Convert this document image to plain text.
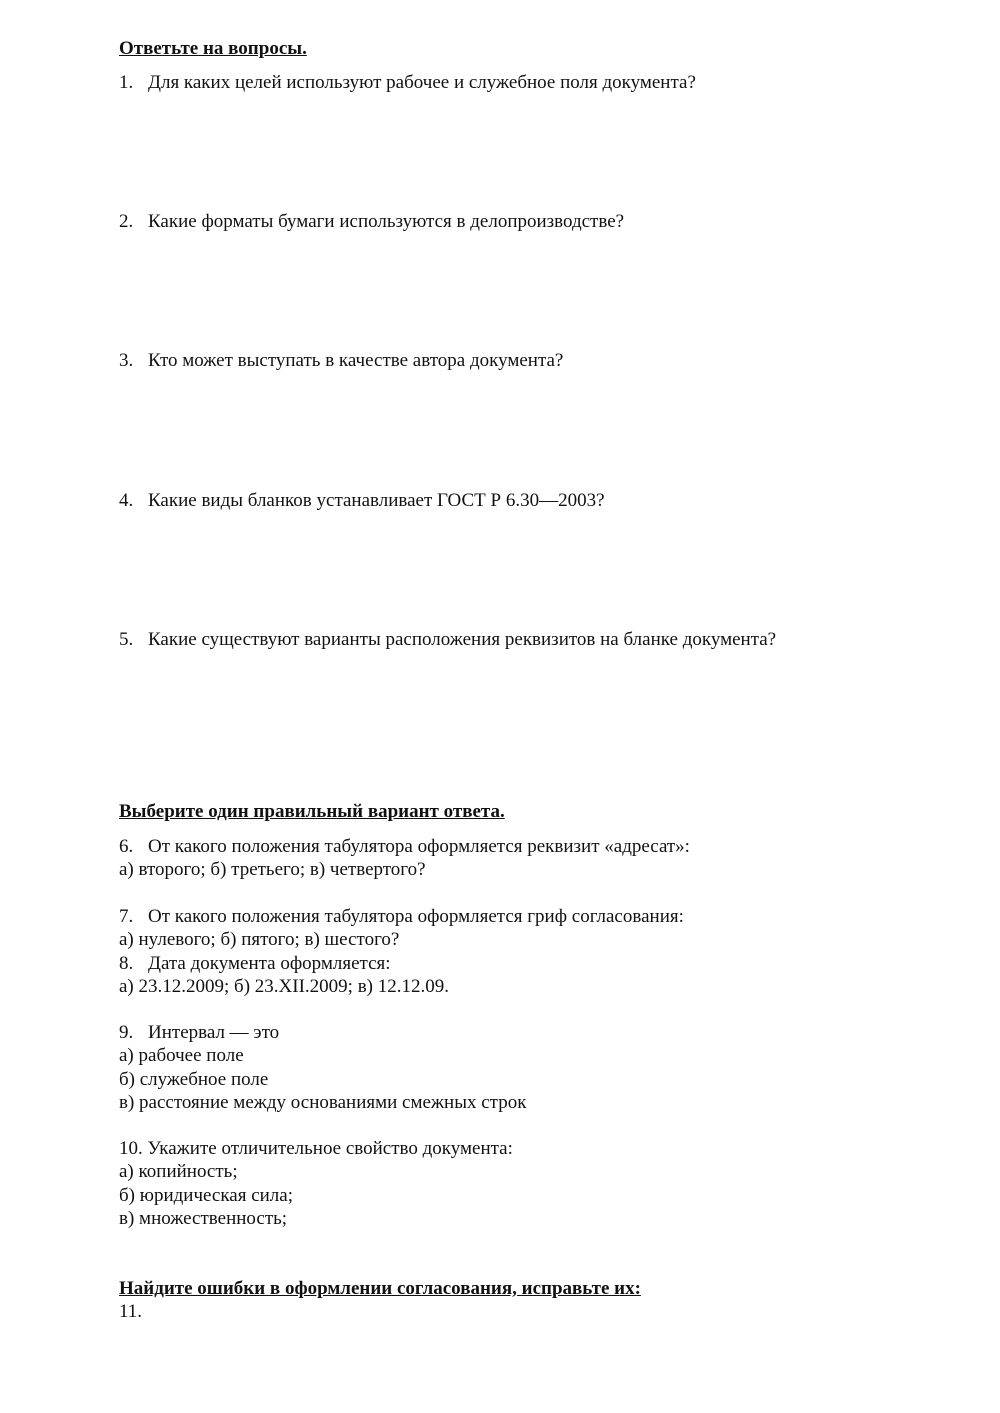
Ответьте на вопросы.
1. Для каких целей используют рабочее и служебное поля документа?
2. Какие форматы бумаги используются в делопроизводстве?
3. Кто может выступать в качестве автора документа?
4. Какие виды бланков устанавливает ГОСТ Р 6.30—2003?
5. Какие существуют варианты расположения реквизитов на бланке документа?
Выберите один правильный вариант ответа.
6. От какого положения табулятора оформляется реквизит «адресат»:
а) второго; б) третьего; в) четвертого?
7. От какого положения табулятора оформляется гриф согласования:
а) нулевого; б) пятого; в) шестого?
8. Дата документа оформляется:
а) 23.12.2009; б) 23.XII.2009; в) 12.12.09.
9. Интервал — это
а) рабочее поле
б) служебное поле
в) расстояние между основаниями смежных строк
10. Укажите отличительное свойство документа:
а) копийность;
б) юридическая сила;
в) множественность;
Найдите ошибки в оформлении согласования, исправьте их:
11.
